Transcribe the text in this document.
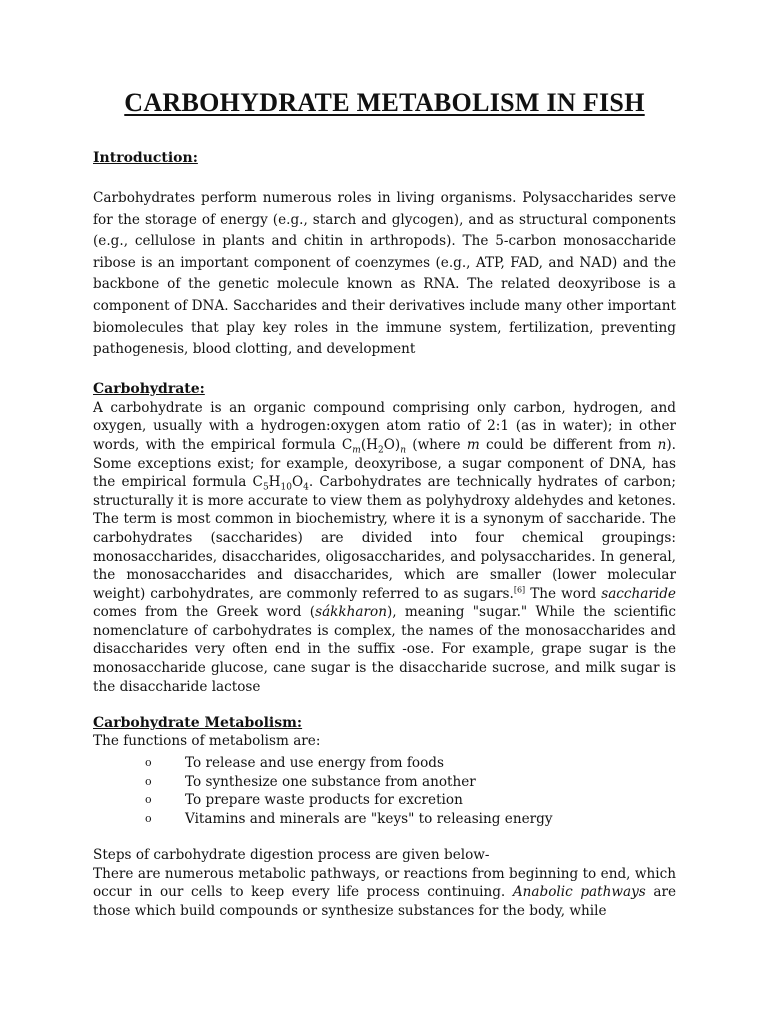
CARBOHYDRATE METABOLISM IN FISH

Introduction:

Carbohydrates perform numerous roles in living organisms. Polysaccharides serve for the storage of energy (e.g., starch and glycogen), and as structural components (e.g., cellulose in plants and chitin in arthropods). The 5-carbon monosaccharide ribose is an important component of coenzymes (e.g., ATP, FAD, and NAD) and the backbone of the genetic molecule known as RNA. The related deoxyribose is a component of DNA. Saccharides and their derivatives include many other important biomolecules that play key roles in the immune system, fertilization, preventing pathogenesis, blood clotting, and development

Carbohydrate:

A carbohydrate is an organic compound comprising only carbon, hydrogen, and oxygen, usually with a hydrogen:oxygen atom ratio of 2:1 (as in water); in other words, with the empirical formula $C_m(H_2O)_n$ (where m could be different from n). Some exceptions exist; for example, deoxyribose, a sugar component of DNA, has the empirical formula $C_5H_{10}O_4$. Carbohydrates are technically hydrates of carbon; structurally it is more accurate to view them as polyhydroxy aldehydes and ketones. The term is most common in biochemistry, where it is a synonym of saccharide. The carbohydrates (saccharides) are divided into four chemical groupings: monosaccharides, disaccharides, oligosaccharides, and polysaccharides. In general, the monosaccharides and disaccharides, which are smaller (lower molecular weight) carbohydrates, are commonly referred to as sugars.[6] The word saccharide comes from the Greek word (sákkharon), meaning "sugar." While the scientific nomenclature of carbohydrates is complex, the names of the monosaccharides and disaccharides very often end in the suffix -ose. For example, grape sugar is the monosaccharide glucose, cane sugar is the disaccharide sucrose, and milk sugar is the disaccharide lactose

Carbohydrate Metabolism:

The functions of metabolism are:

o To release and use energy from foods
o To synthesize one substance from another
o To prepare waste products for excretion
o Vitamins and minerals are "keys" to releasing energy

Steps of carbohydrate digestion process are given below-
There are numerous metabolic pathways, or reactions from beginning to end, which occur in our cells to keep every life process continuing. Anabolic pathways are those which build compounds or synthesize substances for the body, while
